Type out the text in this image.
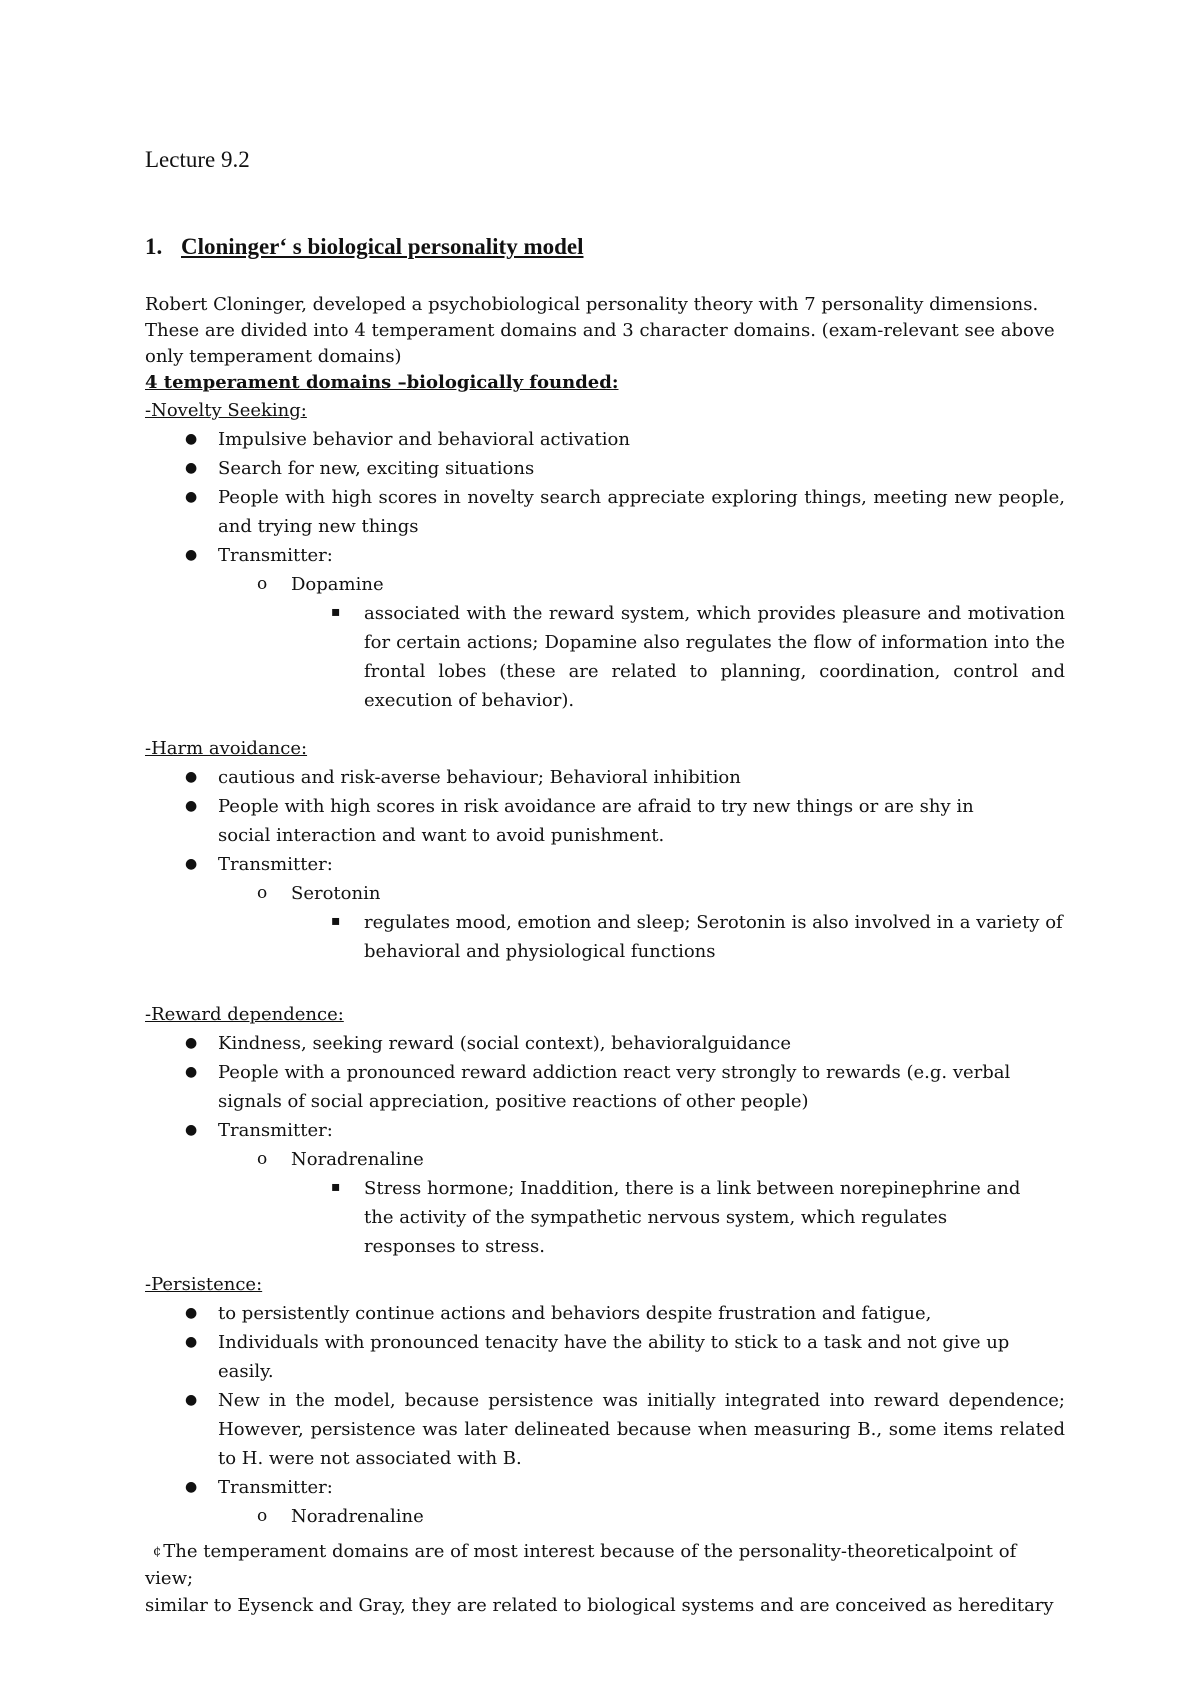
Lecture 9.2
1. Cloninger‘ s biological personality model

Robert Cloninger, developed a psychobiological personality theory with 7 personality dimensions.

These are divided into 4 temperament domains and 3 character domains. (exam-relevant see above

only temperament domains)

4 temperament domains –biologically founded:

-Novelty Seeking:
● Impulsive behavior and behavioral activation
● Search for new, exciting situations
● People with high scores in novelty search appreciate exploring things, meeting new people, and trying new things
● Transmitter:
o Dopamine
▪ associated with the reward system, which provides pleasure and motivation for certain actions; Dopamine also regulates the flow of information into the frontal lobes (these are related to planning, coordination, control and execution of behavior).
-Harm avoidance:
● cautious and risk-averse behaviour; Behavioral inhibition
● People with high scores in risk avoidance are afraid to try new things or are shy in social interaction and want to avoid punishment.
● Transmitter:
o Serotonin
▪ regulates mood, emotion and sleep; Serotonin is also involved in a variety of behavioral and physiological functions
-Reward dependence:
● Kindness, seeking reward (social context), behavioralguidance
● People with a pronounced reward addiction react very strongly to rewards (e.g. verbal signals of social appreciation, positive reactions of other people)
● Transmitter:
o Noradrenaline
▪ Stress hormone; Inaddition, there is a link between norepinephrine and the activity of the sympathetic nervous system, which regulates responses to stress.
-Persistence:
● to persistently continue actions and behaviors despite frustration and fatigue,
● Individuals with pronounced tenacity have the ability to stick to a task and not give up easily.
● New in the model, because persistence was initially integrated into reward dependence; However, persistence was later delineated because when measuring B., some items related to H. were not associated with B.
● Transmitter:
o Noradrenaline
¢ The temperament domains are of most interest because of the personality-theoreticalpoint of view;
similar to Eysenck and Gray, they are related to biological systems and are conceived as hereditary
